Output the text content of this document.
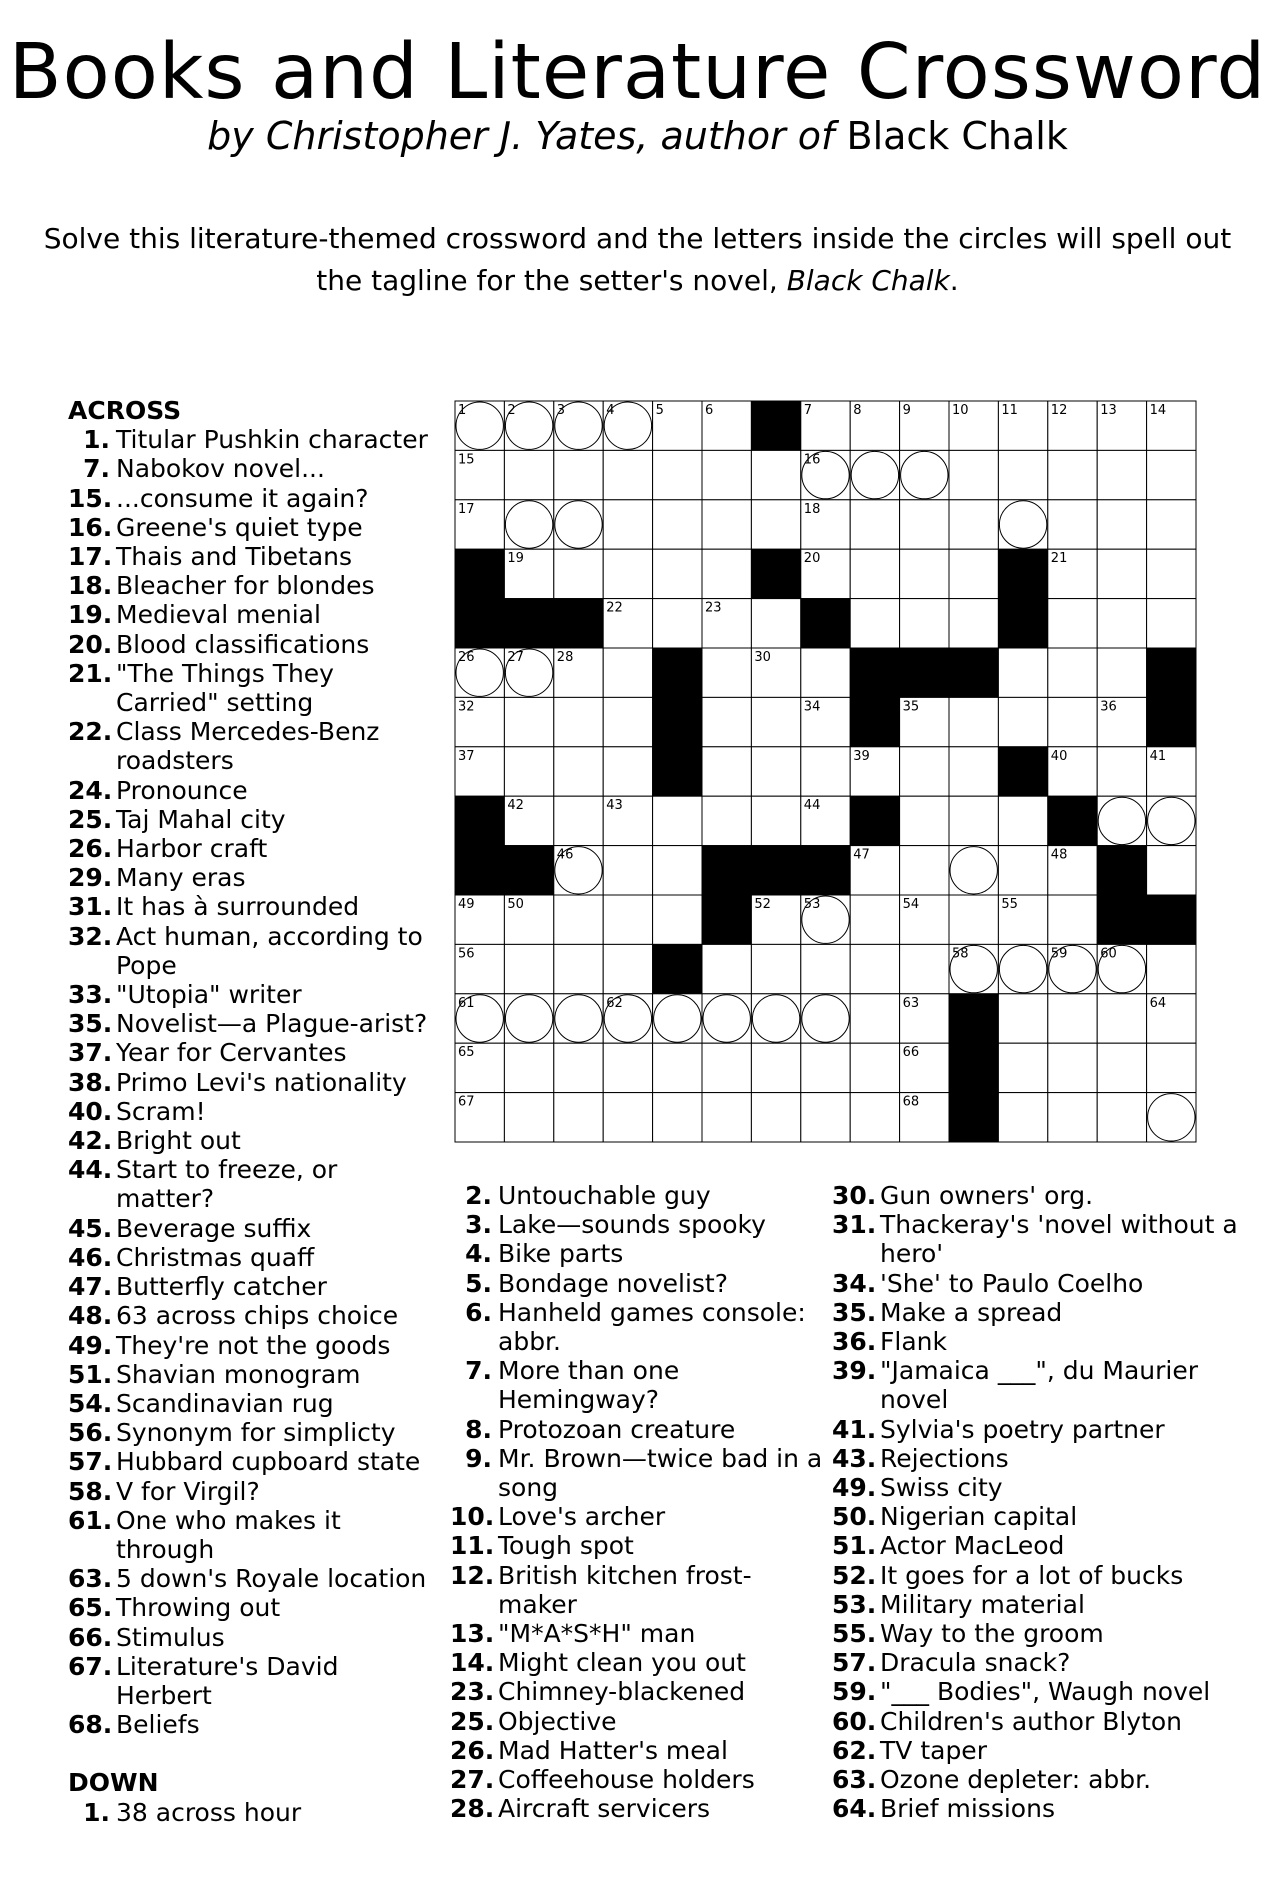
Books and Literature Crossword
by Christopher J. Yates, author of Black Chalk
Solve this literature-themed crossword and the letters inside the circles will spell out the tagline for the setter's novel, Black Chalk.
1	2	3	4	5	6	7	8	9	10	11	12	13	14
15	16
17	18
19	20	21
22	23	24	25
26	27	28	29	30	31
32	33	34	35	36
37	38	39	40	41
42	43	44	45
46	47	48
49	50	51	52	53	54	55
56	57	58	59	60
61	62	63	64
65	66
67	68
ACROSS
1. Titular Pushkin character
7. Nabokov novel...
15. ...consume it again?
16. Greene's quiet type
17. Thais and Tibetans
18. Bleacher for blondes
19. Medieval menial
20. Blood classifications
21. "The Things They Carried" setting
22. Class Mercedes-Benz roadsters
24. Pronounce
25. Taj Mahal city
26. Harbor craft
29. Many eras
31. It has à surrounded
32. Act human, according to Pope
33. "Utopia" writer
35. Novelist—a Plague-arist?
37. Year for Cervantes
38. Primo Levi's nationality
40. Scram!
42. Bright out
44. Start to freeze, or matter?
45. Beverage suffix
46. Christmas quaff
47. Butterfly catcher
48. 63 across chips choice
49. They're not the goods
51. Shavian monogram
54. Scandinavian rug
56. Synonym for simplicty
57. Hubbard cupboard state
58. V for Virgil?
61. One who makes it through
63. 5 down's Royale location
65. Throwing out
66. Stimulus
67. Literature's David Herbert
68. Beliefs
DOWN
1. 38 across hour
2. Untouchable guy
3. Lake—sounds spooky
4. Bike parts
5. Bondage novelist?
6. Hanheld games console: abbr.
7. More than one Hemingway?
8. Protozoan creature
9. Mr. Brown—twice bad in a song
10. Love's archer
11. Tough spot
12. British kitchen frost-maker
13. "M*A*S*H" man
14. Might clean you out
23. Chimney-blackened
25. Objective
26. Mad Hatter's meal
27. Coffeehouse holders
28. Aircraft servicers
30. Gun owners' org.
31. Thackeray's 'novel without a hero'
34. 'She' to Paulo Coelho
35. Make a spread
36. Flank
39. "Jamaica ___", du Maurier novel
41. Sylvia's poetry partner
43. Rejections
49. Swiss city
50. Nigerian capital
51. Actor MacLeod
52. It goes for a lot of bucks
53. Military material
55. Way to the groom
57. Dracula snack?
59. "___ Bodies", Waugh novel
60. Children's author Blyton
62. TV taper
63. Ozone depleter: abbr.
64. Brief missions
